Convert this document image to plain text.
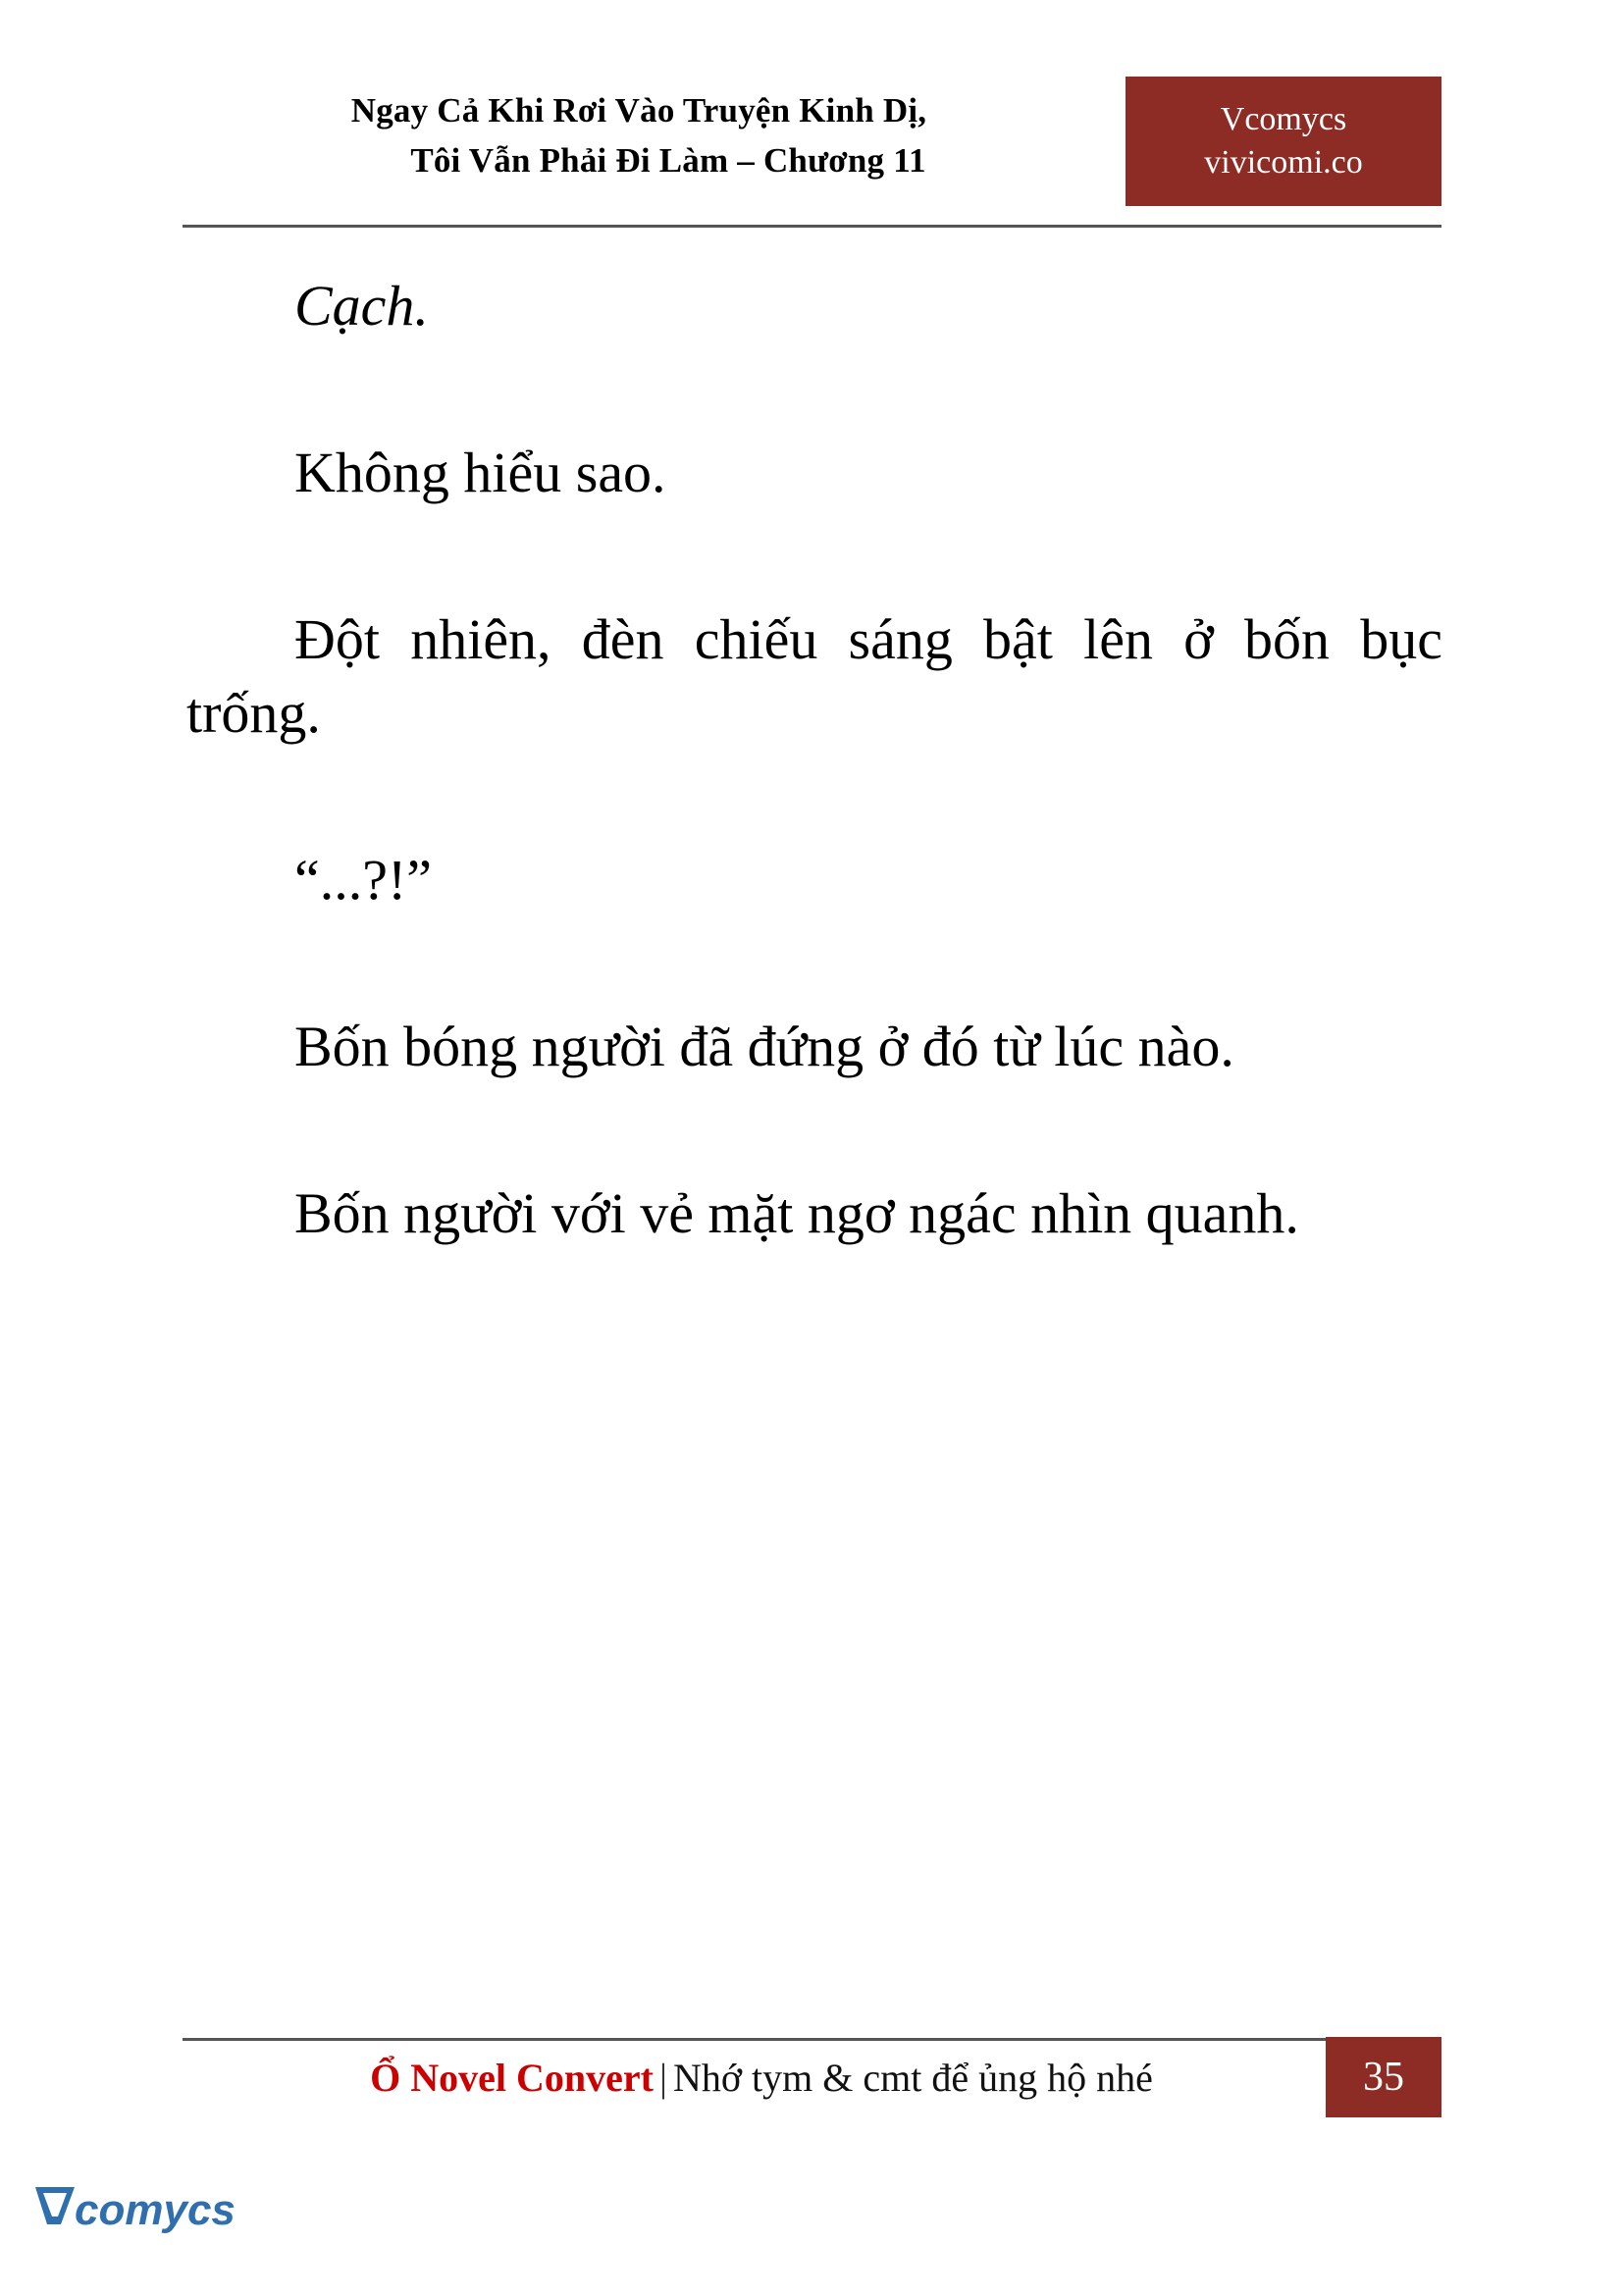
Ngay Cả Khi Rơi Vào Truyện Kinh Dị,
Tôi Vẫn Phải Đi Làm – Chương 11
Vcomycs
vivicomi.co

Cạch.

Không hiểu sao.

Đột nhiên, đèn chiếu sáng bật lên ở bốn bục trống.

“...?!”

Bốn bóng người đã đứng ở đó từ lúc nào.

Bốn người với vẻ mặt ngơ ngác nhìn quanh.

Ổ Novel Convert | Nhớ tym & cmt để ủng hộ nhé	35
comycs
